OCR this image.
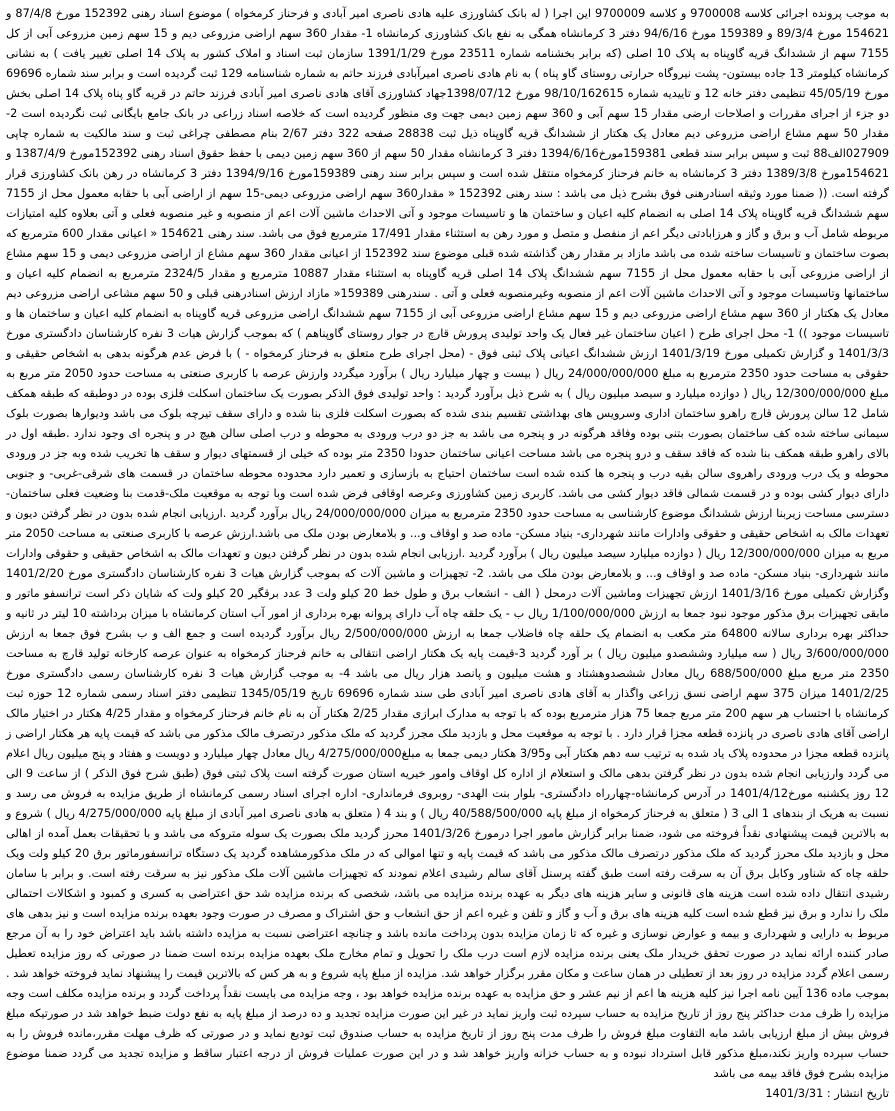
به موجب پرونده اجرائی کلاسه 9700008 و کلاسه 9700009 این اجرا ( له بانک کشاورزی علیه هادی ناصری امیر آبادی و فرحناز کرمخواه ) موضوع اسناد رهنی 152392 مورخ 87/4/8 و 154621 مورخ 89/3/4 و 159389 مورخ 94/6/16 دفتر 3 کرمانشاه همگی به نفع بانک کشاورزی کرمانشاه 1- مقدار 360 سهم اراضی مزروعی دیم و 15 سهم زمین مزروعی آبی از کل 7155 سهم از ششدانگ قریه گاوپناه به پلاک 10 اصلی (که برابر بخشنامه شماره 23511 مورخ 1391/1/29 سازمان ثبت اسناد و املاک کشور به پلاک 14 اصلی تغییر یافت ) به نشانی کرمانشاه کیلومتر 13 جاده بیستون- پشت نیروگاه حرارتی روستای گاو پناه ) به نام هادی ناصری امیرآبادی فرزند حاتم به شماره شناسنامه 129 ثبت گردیده است و برابر سند شماره 69696 مورخ 45/05/19 تنظیمی دفتر خانه 12 و تاییدیه شماره 98/10/162615 مورخ 1398/07/12جهاد کشاورزی آقای هادی ناصری امیر آبادی فرزند حاتم در قریه گاو پناه پلاک 14 اصلی بخش دو جزء از اجرای مقررات و اصلاحات ارضی مقدار 15 سهم آبی و 360 سهم زمین دیمی جهت وی منظور گردیده است که خلاصه اسناد زراعی در بانک جامع بایگانی ثبت نگردیده است 2- مقدار 50 سهم مشاع اراضی مزروعی دیم معادل یک هکتار از ششدانگ قریه گاوپناه ذیل ثبت 28838 صفحه 322 دفتر 2/67 بنام مصطفی چراغی ثبت و سند مالکیت به شماره چاپی 027909الف88 ثبت و سپس برابر سند قطعی 159381مورخ1394/6/16 دفتر 3 کرمانشاه مقدار 50 سهم از 360 سهم زمین دیمی با حفظ حقوق اسناد رهنی 152392مورخ 1387/4/9 و 154621مورخ 1389/3/8 دفتر 3 کرمانشاه به خانم فرحناز کرمخواه منتقل شده است و سپس برابر سند رهنی 159389مورخ 1394/9/16 دفتر 3 کرمانشاه در رهن بانک کشاورزی قرار گرفته است. (( ضمنا مورد وثیقه اسنادرهنی فوق بشرح ذیل می باشد : سند رهنی 152392 « مقدار360 سهم اراضی مزروعی دیمی-15 سهم از اراضی آبی با حقابه معمول محل از 7155 سهم ششدانگ قریه گاوپناه پلاک 14 اصلی به انضمام کلیه اعیان و ساختمان ها و تاسیسات موجود و آتی الاحداث ماشین آلات اعم از منصوبه و غیر منصوبه فعلی و آتی بعلاوه کلیه امتیازات مربوطه شامل آب و برق و گاز و هرزابادتی دیگر اعم از منفصل و متصل و مورد رهن به استثناء مقدار 17/491 مترمربع فوق می باشد. سند رهنی 154621 « اعیانی مقدار 600 مترمربع که بصوت ساختمان و تاسیسات ساخته شده می باشد مازاد بر مقدار رهن گذاشته شده قبلی موضوع سند 152392 از اعیانی مقدار 360 سهم مشاع از اراضی مزروعی دیمی و 15 سهم مشاع از اراضی مزروعی آبی با حقابه معمول محل از 7155 سهم ششدانگ پلاک 14 اصلی قریه گاوپناه به استثناء مقدار 10887 مترمربع و مقدار 2324/5 مترمربع به انضمام کلیه اعیان و ساختمانها وتاسیسات موجود و آتی الاحداث ماشین آلات اعم از منصوبه وغیرمنصوبه فعلی و آتی . سندرهنی 159389« مازاد ارزش اسنادرهنی قبلی و 50 سهم مشاعی اراضی مزروعی دیم معادل یک هکتار از 360 سهم مشاع اراضی مزروعی دیم و 15 سهم مشاع اراضی مزروعی آبی از 7155 سهم ششدانگ اراضی مزروعی قریه گاوپناه به انضمام کلیه اعیان و ساختمان ها و تاسیسات موجود )) 1- محل اجرای طرح ( اعیان ساختمان غیر فعال یک واحد تولیدی پرورش قارچ در جوار روستای گاوپناهم ) که بموجب گزارش هیات 3 نفره کارشناسان دادگستری مورخ 1401/3/3 و گزارش تکمیلی مورخ 1401/3/19 ارزش ششدانگ اعیانی پلاک ثبتی فوق - (محل اجرای طرح متعلق به فرحناز کرمخواه - ) با فرض عدم هرگونه بدهی به اشخاص حقیقی و حقوقی به مساحت حدود 2350 مترمربع به مبلغ 24/000/000/000 ریال ( بیست و چهار میلیارد ریال ) برآورد میگردد وارزش عرصه با کاربری صنعتی به مساحت حدود 2050 متر مربع به مبلغ 12/300/000/000 ریال ( دوازده میلیارد و سیصد میلیون ریال ) به شرح ذیل برآورد گردید : واحد تولیدی فوق الذکر بصورت یک ساختمان اسکلت فلزی بوده در دوطبقه که طبقه همکف شامل 12 سالن پرورش قارچ راهرو ساختمان اداری وسرویس های بهداشتی تقسیم بندی شده که بصورت اسکلت فلزی بنا شده و دارای سقف تیرچه بلوک می باشد ودیوارها بصورت بلوک سیمانی ساخته شده کف ساختمان بصورت بتنی بوده وفاقد هرگونه در و پنجره می باشد به جز دو درب ورودی به محوطه و درب اصلی سالن هیچ در و پنجره ای وجود ندارد .طبقه اول در بالای راهرو طبقه همکف بنا شده که فاقد سقف و درو پنجره می باشد مساحت اعیانی ساختمان حدودا 2350 متر بوده که خیلی از قسمتهای دیوار و سقف ها تخریب شده وبه جز در ورودی محوطه و یک درب ورودی راهروی سالن بقیه درب و پنجره ها کنده شده است ساختمان احتیاج به بازسازی و تعمیر دارد محدوده محوطه ساختمان در قسمت های شرقی-غربی- و جنوبی دارای دیوار کشی بوده و در قسمت شمالی فاقد دیوار کشی می باشد. کاربری زمین کشاورزی وعرصه اوقافی فرض شده است وبا توجه به موقعیت ملک-قدمت بنا وضعیت فعلی ساختمان- دسترسی مساحت زیربنا ارزش ششدانگ موضوع کارشناسی به مساحت حدود 2350 مترمربع به میزان 24/000/000/000 ریال برآورد گردید .ارزیابی انجام شده بدون در نظر گرفتن دیون و تعهدات مالک به اشخاص حقیقی و حقوقی وادارات مانند شهرداری- بنیاد مسکن- ماده صد و اوقاف و... و بلامعارض بودن ملک می باشد.ارزش عرصه با کاربری صنعتی به مساحت 2050 متر مربع به میزان 12/300/000/000 ریال ( دوازده میلیارد سیصد میلیون ریال ) برآورد گردید .ارزیابی انجام شده بدون در نظر گرفتن دیون و تعهدات مالک به اشخاص حقیقی و حقوقی وادارات مانند شهرداری- بنیاد مسکن- ماده صد و اوقاف و... و بلامعارض بودن ملک می باشد. 2- تجهیزات و ماشین آلات که بموجب گزارش هیات 3 نفره کارشناسان دادگستری مورخ 1401/2/20 وگزارش تکمیلی مورخ 1401/3/16 ارزش تجهیزات وماشین آلات درمحل ( الف - انشعاب برق و طول خط 20 کیلو ولت 3 عدد برقگیر 20 کیلو ولت که شایان ذکر است ترانسفو ماتور و مابقی تجهیزات برق مذکور موجود نبود جمعا به ارزش 1/100/000/000 ریال ب - یک حلقه چاه آب دارای پروانه بهره برداری از امور آب استان کرمانشاه با میزان برداشته 10 لیتر در ثانیه و حداکثر بهره برداری سالانه 64800 متر مکعب به انضمام یک حلقه چاه فاضلاب جمعا به ارزش 2/500/000/000 ریال برآورد گردیده است و جمع الف و ب بشرح فوق جمعا به ارزش 3/600/000/000 ریال ( سه میلیارد وششصدو میلیون ریال ) بر آورد گردید 3-قیمت پایه یک هکتار اراضی انتقالی به خانم فرحناز کرمخواه به عنوان عرصه کارخانه تولید قارچ به مساحت 2350 متر مربع مبلغ 688/500/000 ریال معادل ششصدوهشتاد و هشت میلیون و پانصد هزار ریال می باشد 4- به موجب گزارش هیات 3 نفره کارشناسان رسمی دادگستری مورخ 1401/2/25 میزان 375 سهم اراضی نسق زراعی واگذار به آقای هادی ناصری امیر آبادی طی سند شماره 69696 تاریخ 1345/05/19 تنظیمی دفتر اسناد رسمی شماره 12 حوزه ثبت کرمانشاه با احتساب هر سهم 200 متر مربع جمعا 75 هزار مترمربع بوده که با توجه به مدارک ابرازی مقدار 2/25 هکتار آن به نام خانم فرحناز کرمخواه و مقدار 4/25 هکتار در اختیار مالک اراضی آقای هادی ناصری در پانزده قطعه مجزا قرار دارد . با توجه به موقعیت محل و بازدید ملک مجرز گردید که ملک مذکور درتصرف مالک مذکور می باشد که قیمت پایه هر هکتار اراضی ز پانزده قطعه مجزا در محدوده پلاک یاد شده به ترتیب سه دهم هکتار آبی و3/95 هکتار دیمی جمعا به مبلغ4/275/000/000 ریال معادل چهار میلیارد و دویست و هفتاد و پنج میلیون ریال اعلام می گردد وارزیابی انجام شده بدون در نظر گرفتن بدهی مالک و استعلام از اداره کل اوقاف وامور خیریه استان صورت گرفته است پلاک ثبتی فوق (طبق شرح فوق الذکر ) از ساعت 9 الی 12 روز یکشنبه مورخ1401/4/12 در آدرس کرمانشاه-چهارراه دادگستری- بلوار بنت الهدی- روبروی فرمانداری- اداره اجرای اسناد رسمی کرمانشاه از طریق مزایده به فروش می رسد و نسبت به هریک از بندهای 1 الی 3 ( متعلق به فرحناز کرمخواه از مبلغ پایه 40/588/500/000 ریال ) و بند 4 ( متعلق به هادی ناصری امیر آبادی از مبلغ پایه 4/275/000/000 ریال ) شروع و به بالاترین قیمت پیشنهادی نقداً فروخته می شود، ضمنا برابر گزارش مامور اجرا درمورخ 1401/3/26 محرز گردید ملک بصورت یک سوله متروکه می باشد و با تحقیقات بعمل آمده از اهالی محل و بازدید ملک محرز گردید که ملک مذکور درتصرف مالک مذکور می باشد که قیمت پایه و تنها اموالی که در ملک مذکورمشاهده گردید یک دستگاه ترانسفورماتور برق 20 کیلو ولت ویک حلقه چاه که شناور وکابل برق آن به سرقت رفته است طبق گفته پرسنل آقای سالم رشیدی اعلام نمودند که تجهیزات ماشین آلات ملک مذکور نیز به سرقت رفته است. و برابر با سامان رشیدی انتقال داده شده است هزینه های قانونی و سایر هزینه های دیگر به عهده برنده مزایده می باشد، شخصی که برنده مزایده شد حق اعتراضی به کسری و کمبود و اشکالات احتمالی ملک را ندارد و برق نیز قطع شده است کلیه هزینه های برق و آب و گاز و تلفن و غیره اعم از حق انشعاب و حق اشتراک و مصرف در صورت وجود بعهده برنده مزایده است و نیز بدهی های مربوط به دارایی و شهرداری و بیمه و عوارض نوسازی و غیره که تا زمان مزایده بدون پرداخت مانده باشد و چنانچه اعتراضی نسبت به مزایده داشته باشد باید اعتراض خود را به آن مرجع صادر کننده ارائه نماید در صورت تحقق خریدار ملک یعنی برنده مزایده لازم است درب ملک را تحویل و تمام مخارج ملک بعهده مزایده برنده است ضمنا در صورتی که روز مزایده تعطیل رسمی اعلام گردد مزایده در روز بعد از تعطیلی در همان ساعت و مکان مقرر برگزار خواهد شد. مزایده از مبلغ پایه شروع و به هر کس که بالاترین قیمت را پیشنهاد نماید فروخته خواهد شد . بموجب ماده 136 آیین نامه اجرا نیز کلیه هزینه ها اعم از نیم عشر و حق مزایده به عهده برنده مزایده خواهد بود ، وجه مزایده می بایست نقداً پرداخت گردد و برنده مزایده مکلف است وجه مزایده را ظرف مدت حداکثر پنج روز از تاریخ مزایده به حساب سپرده ثبت واریز نماید در غیر این صورت مزایده تجدید و ده درصد از مبلغ پایه به نفع دولت ضبط خواهد شد در صورتیکه مبلغ فروش بیش از مبلغ ارزیابی باشد مابه التفاوت مبلغ فروش را ظرف مدت پنج روز از تاریخ مزایده به حساب صندوق ثبت تودیع نماید و در صورتی که ظرف مهلت مقرر،مانده فروش را به حساب سپرده واریز نکند،مبلغ مذکور قابل استرداد نبوده و به حساب خزانه واریز خواهد شد و در این صورت عملیات فروش از درجه اعتبار ساقط و مزایده تجدید می گردد ضمنا موضوع مزایده بشرح فوق فاقد بیمه می باشد

تاریخ انتشار : 1401/3/31
